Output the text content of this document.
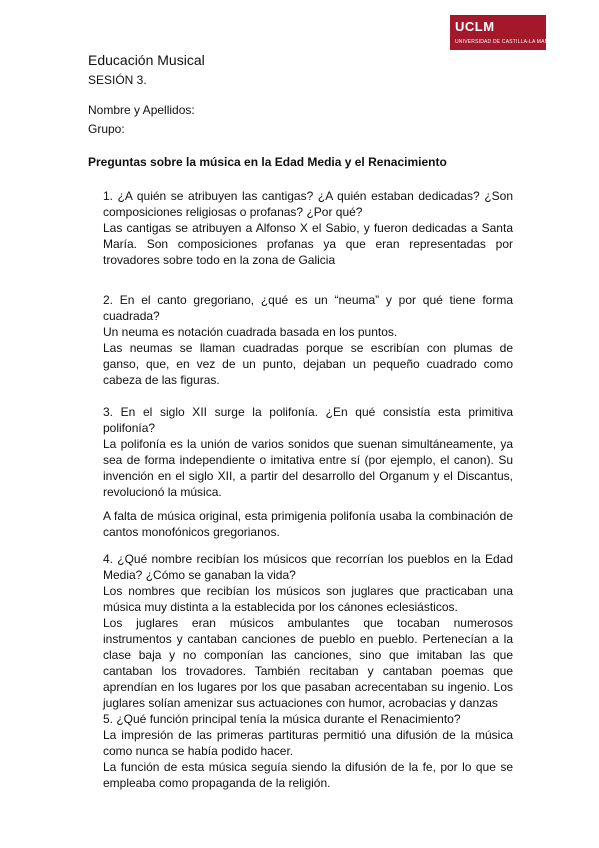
UCLM
UNIVERSIDAD DE CASTILLA-LA MANCHA
Educación Musical
SESIÓN 3.
Nombre y Apellidos:
Grupo:
Preguntas sobre la música en la Edad Media y el Renacimiento
1. ¿A quién se atribuyen las cantigas? ¿A quién estaban dedicadas? ¿Son
composiciones religiosas o profanas? ¿Por qué?
Las cantigas se atribuyen a Alfonso X el Sabio, y fueron dedicadas a Santa
María. Son composiciones profanas ya que eran representadas por
trovadores sobre todo en la zona de Galicia
2. En el canto gregoriano, ¿qué es un “neuma” y por qué tiene forma
cuadrada?
Un neuma es notación cuadrada basada en los puntos.
Las neumas se llaman cuadradas porque se escribían con plumas de
ganso, que, en vez de un punto, dejaban un pequeño cuadrado como
cabeza de las figuras.
3. En el siglo XII surge la polifonía. ¿En qué consistía esta primitiva
polifonía?
La polifonía es la unión de varios sonidos que suenan simultáneamente, ya
sea de forma independiente o imitativa entre sí (por ejemplo, el canon). Su
invención en el siglo XII, a partir del desarrollo del Organum y el Discantus,
revolucionó la música.
A falta de música original, esta primigenia polifonía usaba la combinación de
cantos monofónicos gregorianos.
4. ¿Qué nombre recibían los músicos que recorrían los pueblos en la Edad
Media? ¿Cómo se ganaban la vida?
Los nombres que recibían los músicos son juglares que practicaban una
música muy distinta a la establecida por los cánones eclesiásticos.
Los juglares eran músicos ambulantes que tocaban numerosos
instrumentos y cantaban canciones de pueblo en pueblo. Pertenecían a la
clase baja y no componían las canciones, sino que imitaban las que
cantaban los trovadores. También recitaban y cantaban poemas que
aprendían en los lugares por los que pasaban acrecentaban su ingenio. Los
juglares solían amenizar sus actuaciones con humor, acrobacias y danzas
5. ¿Qué función principal tenía la música durante el Renacimiento?
La impresión de las primeras partituras permitió una difusión de la música
como nunca se había podido hacer.
La función de esta música seguía siendo la difusión de la fe, por lo que se
empleaba como propaganda de la religión.
